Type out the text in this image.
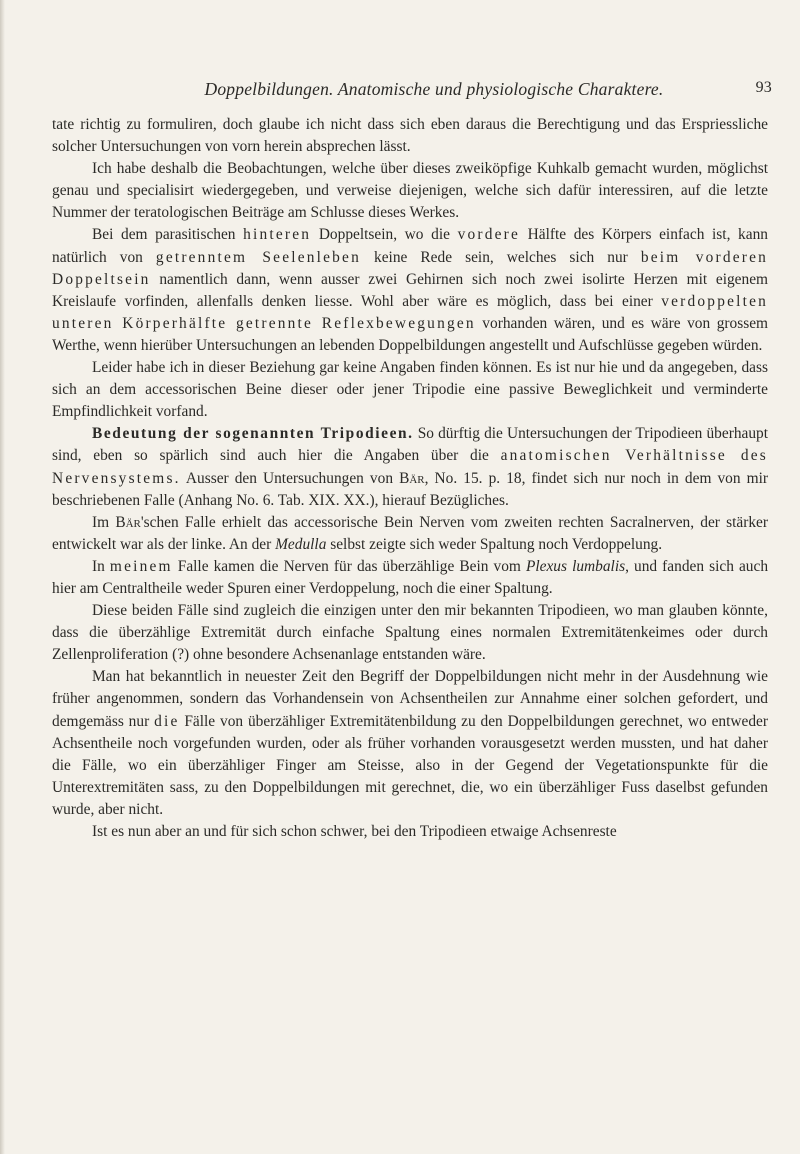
Doppelbildungen. Anatomische und physiologische Charaktere.	93

tate richtig zu formuliren, doch glaube ich nicht dass sich eben daraus die Berechtigung und das Erspriessliche solcher Untersuchungen von vorn herein absprechen lässt.

Ich habe deshalb die Beobachtungen, welche über dieses zweiköpfige Kuhkalb gemacht wurden, möglichst genau und specialisirt wiedergegeben, und verweise diejenigen, welche sich dafür interessiren, auf die letzte Nummer der teratologischen Beiträge am Schlusse dieses Werkes.

Bei dem parasitischen hinteren Doppeltsein, wo die vordere Hälfte des Körpers einfach ist, kann natürlich von getrenntem Seelenleben keine Rede sein, welches sich nur beim vorderen Doppeltsein namentlich dann, wenn ausser zwei Gehirnen sich noch zwei isolirte Herzen mit eigenem Kreislaufe vorfinden, allenfalls denken liesse. Wohl aber wäre es möglich, dass bei einer verdoppelten unteren Körperhälfte getrennte Reflexbewegungen vorhanden wären, und es wäre von grossem Werthe, wenn hierüber Untersuchungen an lebenden Doppelbildungen angestellt und Aufschlüsse gegeben würden.

Leider habe ich in dieser Beziehung gar keine Angaben finden können. Es ist nur hie und da angegeben, dass sich an dem accessorischen Beine dieser oder jener Tripodie eine passive Beweglichkeit und verminderte Empfindlichkeit vorfand.

Bedeutung der sogenannten Tripodieen. So dürftig die Untersuchungen der Tripodieen überhaupt sind, eben so spärlich sind auch hier die Angaben über die anatomischen Verhältnisse des Nervensystems. Ausser den Untersuchungen von Bär, No. 15. p. 18, findet sich nur noch in dem von mir beschriebenen Falle (Anhang No. 6. Tab. XIX. XX.), hierauf Bezügliches.

Im Bär'schen Falle erhielt das accessorische Bein Nerven vom zweiten rechten Sacralnerven, der stärker entwickelt war als der linke. An der Medulla selbst zeigte sich weder Spaltung noch Verdoppelung.

In meinem Falle kamen die Nerven für das überzählige Bein vom Plexus lumbalis, und fanden sich auch hier am Centraltheile weder Spuren einer Verdoppelung, noch die einer Spaltung.

Diese beiden Fälle sind zugleich die einzigen unter den mir bekannten Tripodieen, wo man glauben könnte, dass die überzählige Extremität durch einfache Spaltung eines normalen Extremitätenkeimes oder durch Zellenproliferation (?) ohne besondere Achsenanlage entstanden wäre.

Man hat bekanntlich in neuester Zeit den Begriff der Doppelbildungen nicht mehr in der Ausdehnung wie früher angenommen, sondern das Vorhandensein von Achsentheilen zur Annahme einer solchen gefordert, und demgemäss nur die Fälle von überzähliger Extremitätenbildung zu den Doppelbildungen gerechnet, wo entweder Achsentheile noch vorgefunden wurden, oder als früher vorhanden vorausgesetzt werden mussten, und hat daher die Fälle, wo ein überzähliger Finger am Steisse, also in der Gegend der Vegetationspunkte für die Unterextremitäten sass, zu den Doppelbildungen mit gerechnet, die, wo ein überzähliger Fuss daselbst gefunden wurde, aber nicht.

Ist es nun aber an und für sich schon schwer, bei den Tripodieen etwaige Achsenreste
